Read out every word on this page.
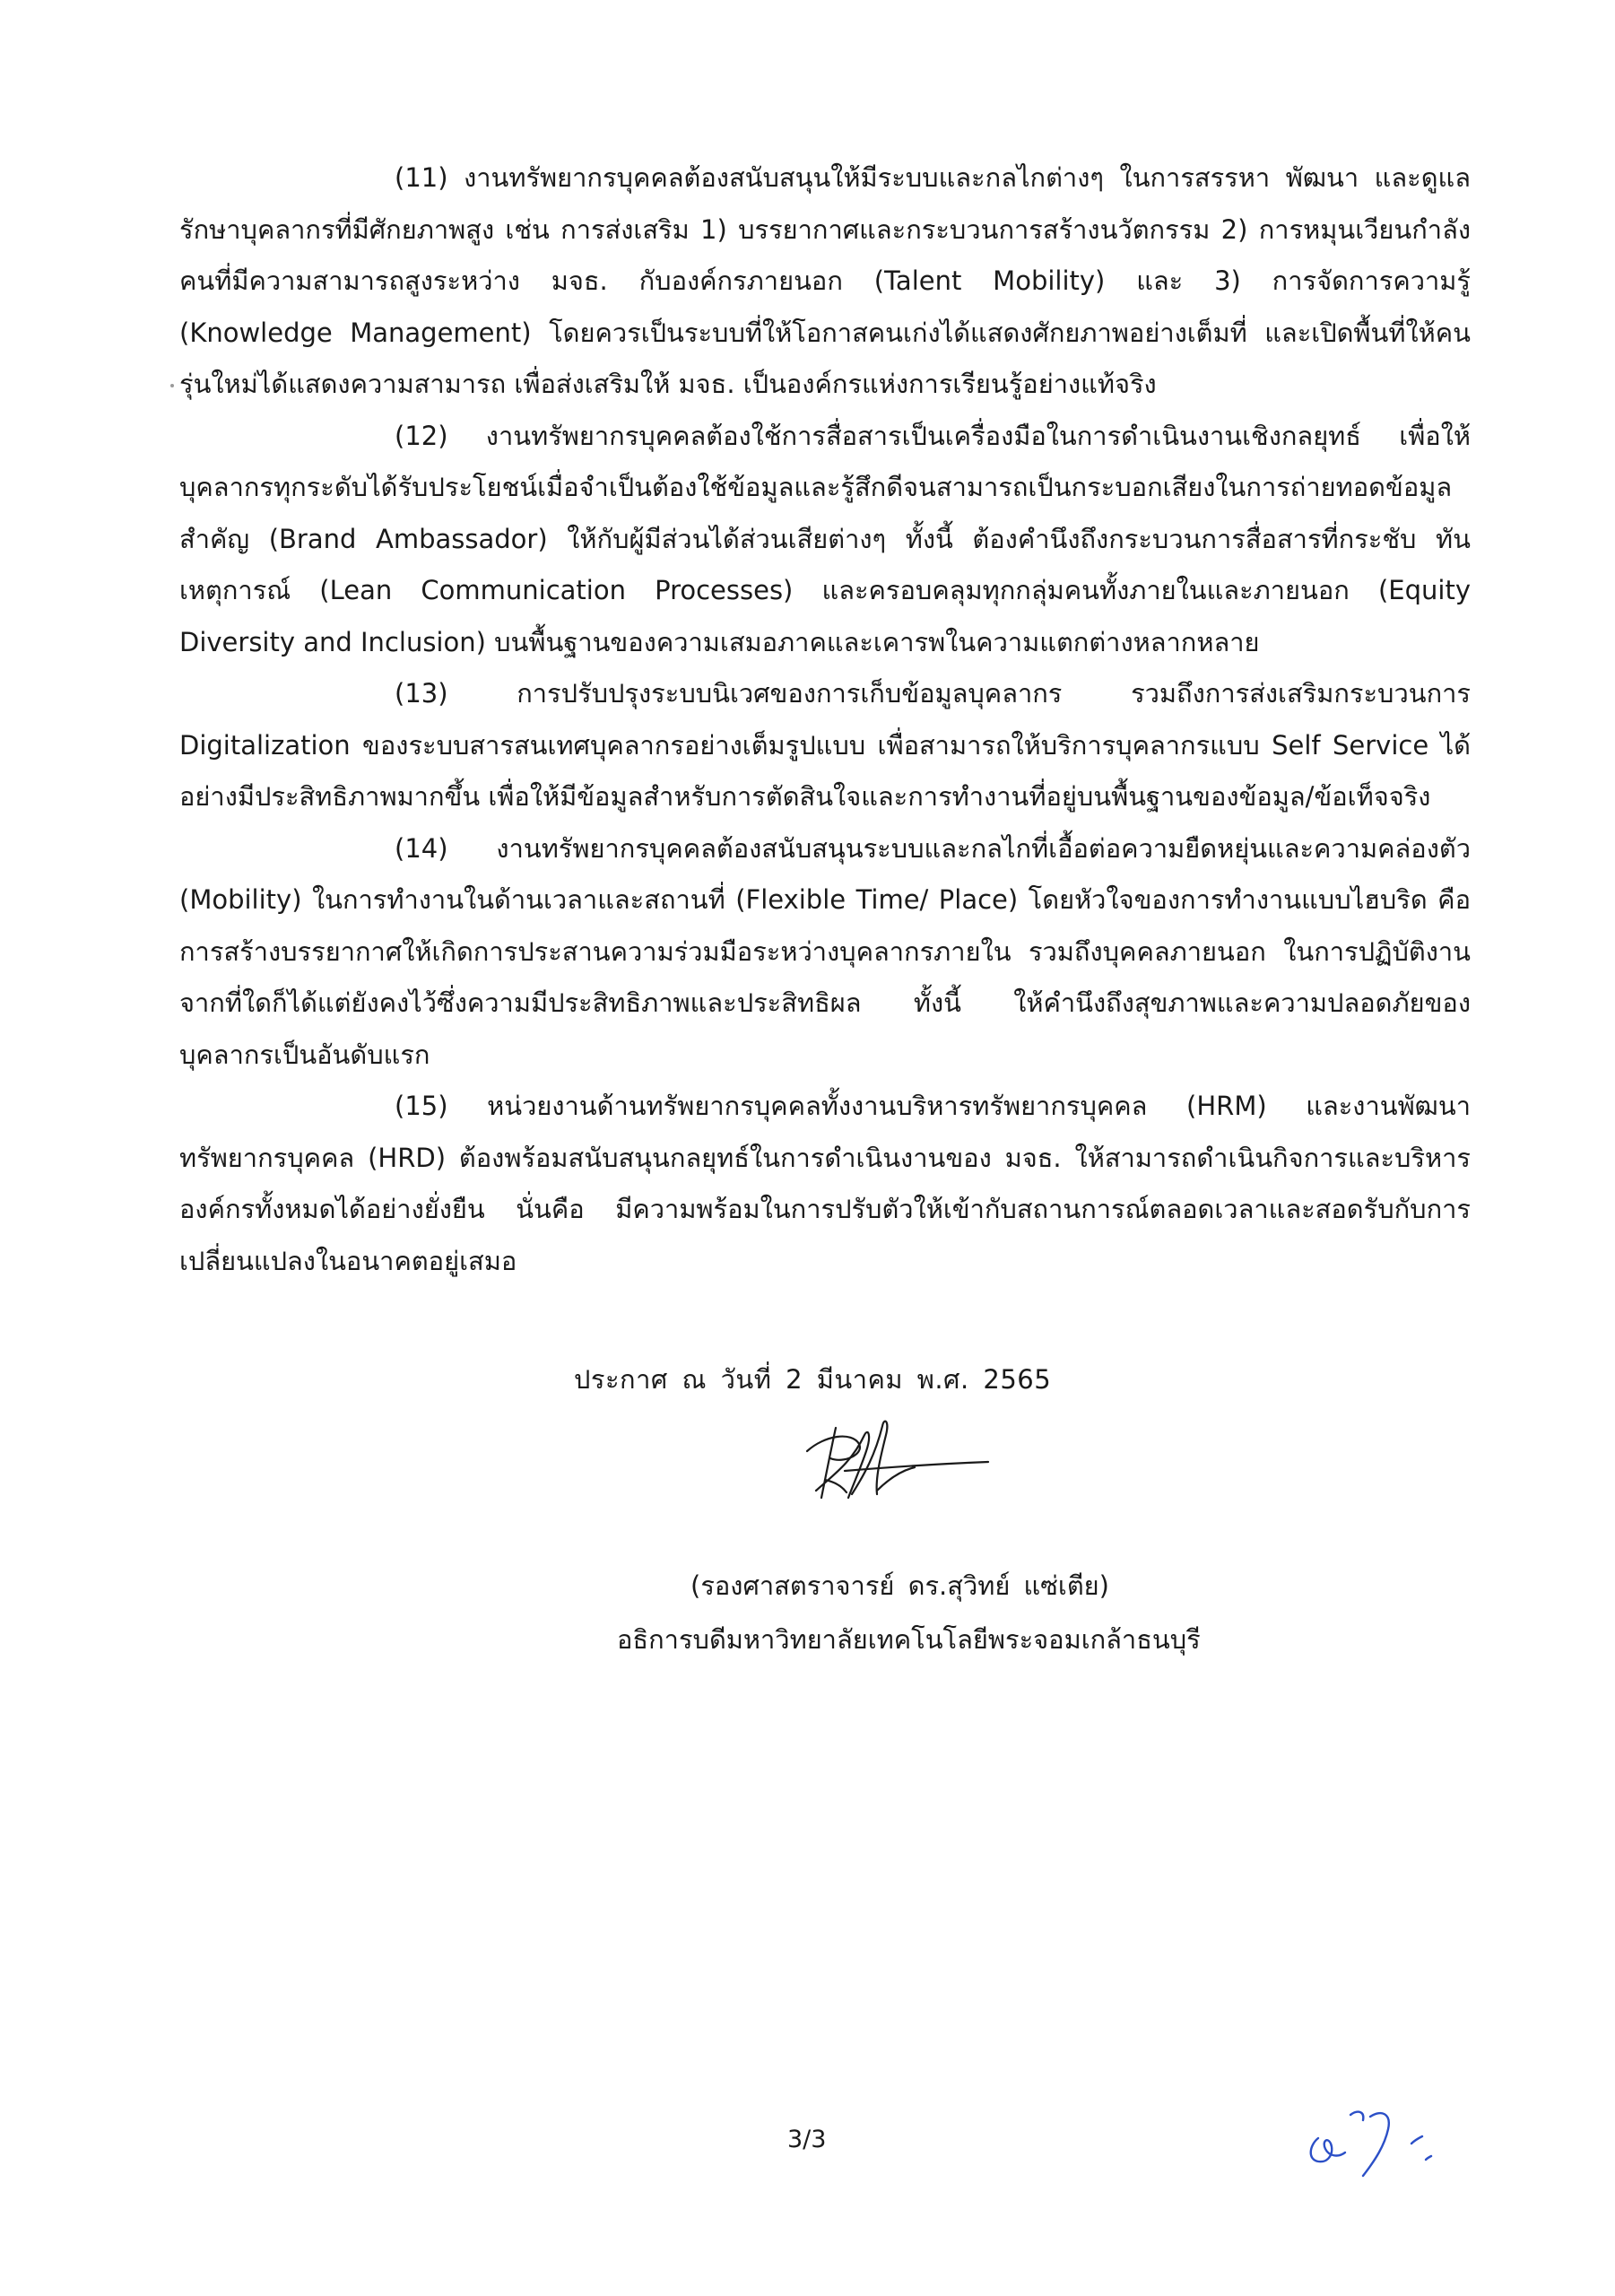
(11) งานทรัพยากรบุคคลต้องสนับสนุนให้มีระบบและกลไกต่างๆ ในการสรรหา พัฒนา และดูแลรักษาบุคลากรที่มีศักยภาพสูง เช่น การส่งเสริม 1) บรรยากาศและกระบวนการสร้างนวัตกรรม 2) การหมุนเวียนกำลังคนที่มีความสามารถสูงระหว่าง มจธ. กับองค์กรภายนอก (Talent Mobility) และ 3) การจัดการความรู้ (Knowledge Management) โดยควรเป็นระบบที่ให้โอกาสคนเก่งได้แสดงศักยภาพอย่างเต็มที่ และเปิดพื้นที่ให้คนรุ่นใหม่ได้แสดงความสามารถ เพื่อส่งเสริมให้ มจธ. เป็นองค์กรแห่งการเรียนรู้อย่างแท้จริง

(12) งานทรัพยากรบุคคลต้องใช้การสื่อสารเป็นเครื่องมือในการดำเนินงานเชิงกลยุทธ์ เพื่อให้บุคลากรทุกระดับได้รับประโยชน์เมื่อจำเป็นต้องใช้ข้อมูลและรู้สึกดีจนสามารถเป็นกระบอกเสียงในการถ่ายทอดข้อมูลสำคัญ (Brand Ambassador) ให้กับผู้มีส่วนได้ส่วนเสียต่างๆ ทั้งนี้ ต้องคำนึงถึงกระบวนการสื่อสารที่กระชับ ทันเหตุการณ์ (Lean Communication Processes) และครอบคลุมทุกกลุ่มคนทั้งภายในและภายนอก (Equity Diversity and Inclusion) บนพื้นฐานของความเสมอภาคและเคารพในความแตกต่างหลากหลาย

(13) การปรับปรุงระบบนิเวศของการเก็บข้อมูลบุคลากร รวมถึงการส่งเสริมกระบวนการ Digitalization ของระบบสารสนเทศบุคลากรอย่างเต็มรูปแบบ เพื่อสามารถให้บริการบุคลากรแบบ Self Service ได้อย่างมีประสิทธิภาพมากขึ้น เพื่อให้มีข้อมูลสำหรับการตัดสินใจและการทำงานที่อยู่บนพื้นฐานของข้อมูล/ข้อเท็จจริง

(14) งานทรัพยากรบุคคลต้องสนับสนุนระบบและกลไกที่เอื้อต่อความยืดหยุ่นและความคล่องตัว (Mobility) ในการทำงานในด้านเวลาและสถานที่ (Flexible Time/ Place) โดยหัวใจของการทำงานแบบไฮบริด คือ การสร้างบรรยากาศให้เกิดการประสานความร่วมมือระหว่างบุคลากรภายใน รวมถึงบุคคลภายนอก ในการปฏิบัติงานจากที่ใดก็ได้แต่ยังคงไว้ซึ่งความมีประสิทธิภาพและประสิทธิผล ทั้งนี้ ให้คำนึงถึงสุขภาพและความปลอดภัยของบุคลากรเป็นอันดับแรก

(15) หน่วยงานด้านทรัพยากรบุคคลทั้งงานบริหารทรัพยากรบุคคล (HRM) และงานพัฒนาทรัพยากรบุคคล (HRD) ต้องพร้อมสนับสนุนกลยุทธ์ในการดำเนินงานของ มจธ. ให้สามารถดำเนินกิจการและบริหารองค์กรทั้งหมดได้อย่างยั่งยืน นั่นคือ มีความพร้อมในการปรับตัวให้เข้ากับสถานการณ์ตลอดเวลาและสอดรับกับการเปลี่ยนแปลงในอนาคตอยู่เสมอ

ประกาศ ณ วันที่ 2 มีนาคม พ.ศ. 2565
(รองศาสตราจารย์ ดร.สุวิทย์ แซ่เตีย)
อธิการบดีมหาวิทยาลัยเทคโนโลยีพระจอมเกล้าธนบุรี
3/3
